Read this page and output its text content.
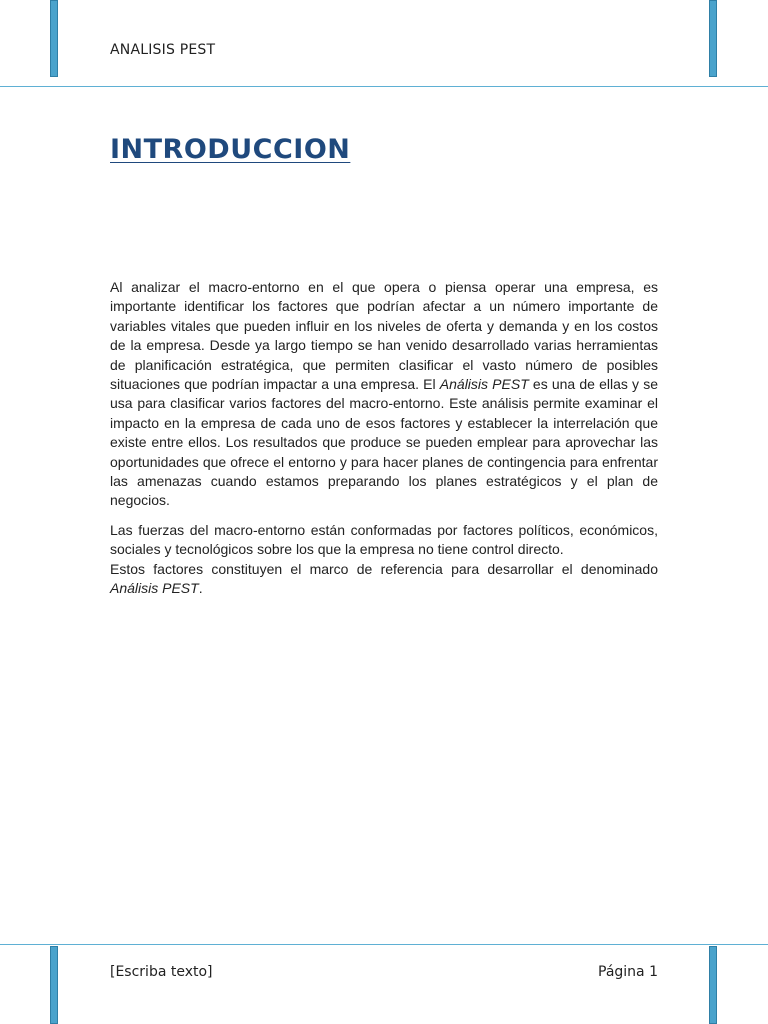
ANALISIS PEST
INTRODUCCION

Al analizar el macro-entorno en el que opera o piensa operar una empresa, es importante identificar los factores que podrían afectar a un número importante de variables vitales que pueden influir en los niveles de oferta y demanda y en los costos de la empresa. Desde ya largo tiempo se han venido desarrollado varias herramientas de planificación estratégica, que permiten clasificar el vasto número de posibles situaciones que podrían impactar a una empresa. El Análisis PEST es una de ellas y se usa para clasificar varios factores del macro-entorno. Este análisis permite examinar el impacto en la empresa de cada uno de esos factores y establecer la interrelación que existe entre ellos. Los resultados que produce se pueden emplear para aprovechar las oportunidades que ofrece el entorno y para hacer planes de contingencia para enfrentar las amenazas cuando estamos preparando los planes estratégicos y el plan de negocios.

Las fuerzas del macro-entorno están conformadas por factores políticos, económicos, sociales y tecnológicos sobre los que la empresa no tiene control directo.

Estos factores constituyen el marco de referencia para desarrollar el denominado Análisis PEST.

[Escriba texto]	Página 1
